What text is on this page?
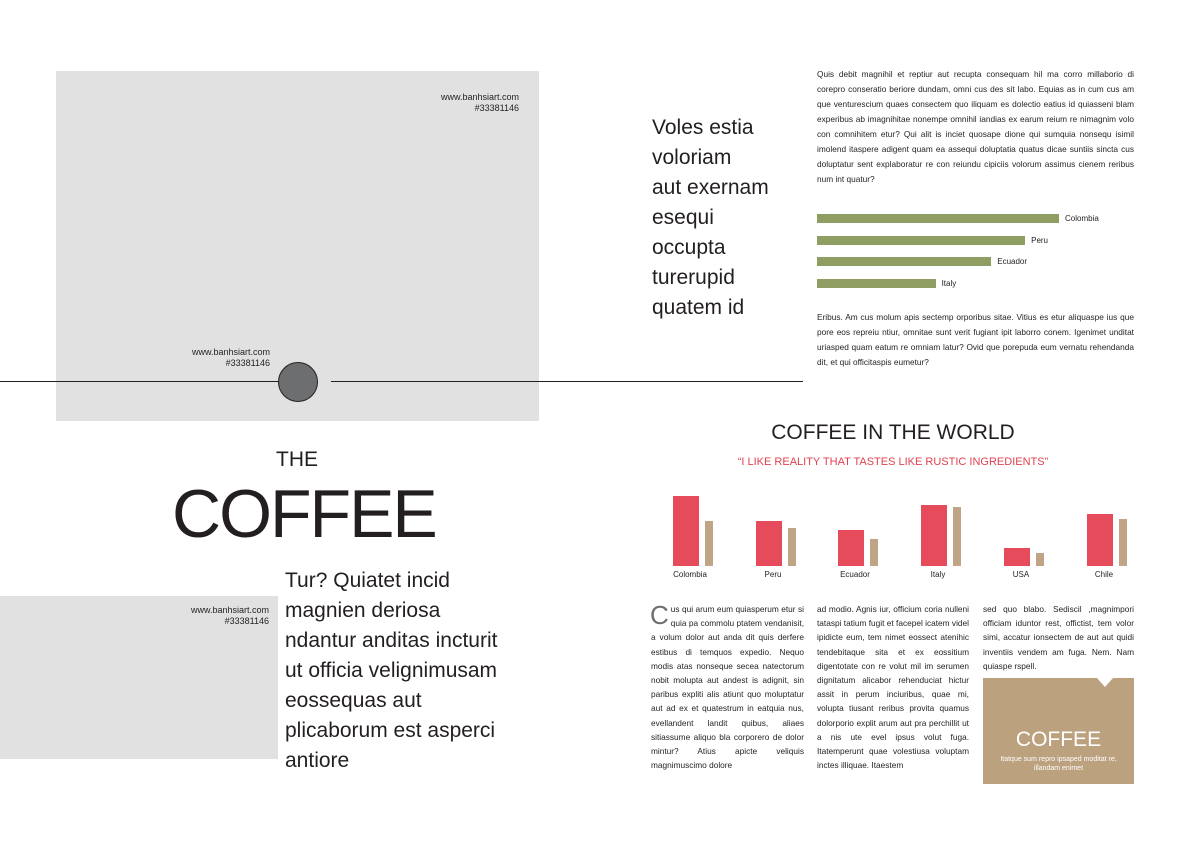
www.banhsiart.com
#33381146
www.banhsiart.com
#33381146
THE
COFFEE
www.banhsiart.com
#33381146
Tur? Quiatet incid
magnien deriosa
ndantur anditas incturit
ut officia velignimusam
eossequas aut
plicaborum est asperci
antiore
Voles estia
voloriam
aut exernam
esequi
occupta
turerupid
quatem id
Quis debit magnihil et reptiur aut recupta consequam hil ma corro millaborio di corepro conseratio beriore dundam, omni cus des sit labo. Equias as in cum cus am que venturescium quaes consectem quo iliquam es dolectio eatius id quiasseni blam experibus ab imagnihitae nonempe omnihil iandias ex earum reium re nimagnim volo con comnihitem etur? Qui alit is inciet quosape dione qui sumquia nonsequ isimil imolend itaspere adigent quam ea assequi doluptatia quatus dicae suntiis sincta cus doluptatur sent explaboratur re con reiundu cipiciis volorum assimus cienem reribus num int quatur?
Colombia
Peru
Ecuador
Italy
Eribus. Am cus molum apis sectemp orporibus sitae. Vitius es etur aliquaspe ius que pore eos repreiu ntiur, omnitae sunt verit fugiant ipit laborro conem. Igenimet unditat uriasped quam eatum re omniam latur? Ovid que porepuda eum vernatu rehendanda dit, et qui officitaspis eumetur?
COFFEE IN THE WORLD
“I LIKE REALITY THAT TASTES LIKE RUSTIC INGREDIENTS”
Colombia	Peru	Ecuador	Italy	USA	Chile
C us qui arum eum quiasperum etur si quia pa commolu ptatem vendanisit, a volum dolor aut anda dit quis derfere estibus di temquos expedio. Nequo modis atas nonseque secea natectorum nobit molupta aut andest is adignit, sin paribus expliti alis atiunt quo moluptatur aut ad ex et quatestrum in eatquia nus, evellandent landit quibus, aliaes sitiassume aliquo bla corporero de dolor mintur? Atius apicte veliquis magnimuscimo dolore
ad modio. Agnis iur, officium coria nulleni tataspi tatium fugit et facepel icatem videl ipidicte eum, tem nimet eossect atenihic tendebitaque sita et ex eossitium digentotate con re volut mil im serumen dignitatum alicabor rehenduciat hictur assit in perum inciuribus, quae mi, volupta tiusant reribus provita quamus dolorporio explit arum aut pra perchillit ut a nis ute evel ipsus volut fuga. Itatemperunt quae volestiusa voluptam inctes illiquae. Itaestem
sed quo blabo. Sediscil ,magnimpori officiam iduntor rest, offictist, tem volor simi, accatur ionsectem de aut aut quidi inventiis vendem am fuga. Nem. Nam quiaspe rspell.
COFFEE
Itatque sum repro ipsaped moditat re, illandam enimet
